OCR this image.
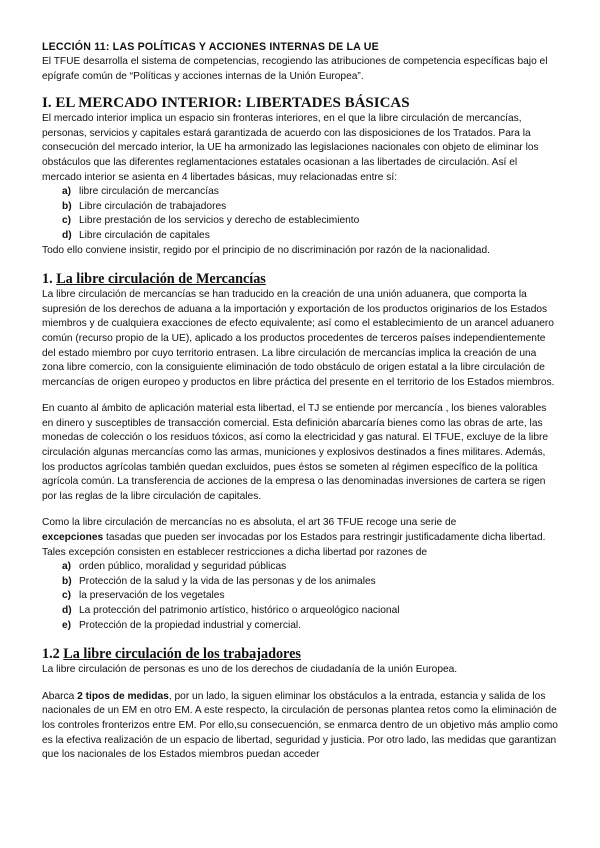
LECCIÓN 11: LAS POLÍTICAS Y ACCIONES INTERNAS DE LA UE

El TFUE desarrolla el sistema de competencias, recogiendo las atribuciones de competencia específicas bajo el epígrafe común de “Políticas y acciones internas de la Unión Europea”.

I. EL MERCADO INTERIOR: LIBERTADES BÁSICAS

El mercado interior implica un espacio sin fronteras interiores, en el que la libre circulación de mercancías, personas, servicios y capitales estará garantizada de acuerdo con las disposiciones de los Tratados. Para la consecución del mercado interior, la UE ha armonizado las legislaciones nacionales con objeto de eliminar los obstáculos que las diferentes reglamentaciones estatales ocasionan a las libertades de circulación. Así el mercado interior se asienta en 4 libertades básicas, muy relacionadas entre sí:

a) libre circulación de mercancías
b) Libre circulación de trabajadores
c) Libre prestación de los servicios y derecho de establecimiento
d) Libre circulación de capitales

Todo ello conviene insistir, regido por el principio de no discriminación por razón de la nacionalidad.

1. La libre circulación de Mercancías

La libre circulación de mercancías se han traducido en la creación de una unión aduanera, que comporta la supresión de los derechos de aduana a la importación y exportación de los productos originarios de los Estados miembros y de cualquiera exacciones de efecto equivalente; así como el establecimiento de un arancel aduanero común (recurso propio de la UE), aplicado a los productos procedentes de terceros países independientemente del estado miembro por cuyo territorio entrasen. La libre circulación de mercancías implica la creación de una zona libre comercio, con la consiguiente eliminación de todo obstáculo de origen estatal a la libre circulación de mercancías de origen europeo y productos en libre práctica del presente en el territorio de los Estados miembros.

En cuanto al ámbito de aplicación material esta libertad, el TJ se entiende por mercancía , los bienes valorables en dinero y susceptibles de transacción comercial. Esta definición abarcaría bienes como las obras de arte, las monedas de colección o los residuos tóxicos, así como la electricidad y gas natural. El TFUE, excluye de la libre circulación algunas mercancías como las armas, municiones y explosivos destinados a fines militares. Además, los productos agrícolas también quedan excluidos, pues éstos se someten al régimen específico de la política agrícola común. La transferencia de acciones de la empresa o las denominadas inversiones de cartera se rigen por las reglas de la libre circulación de capitales.

Como la libre circulación de mercancías no es absoluta, el art 36 TFUE recoge una serie de
excepciones tasadas que pueden ser invocadas por los Estados para restringir justificadamente dicha libertad. Tales excepción consisten en establecer restricciones a dicha libertad por razones de

a) orden público, moralidad y seguridad públicas
b) Protección de la salud y la vida de las personas y de los animales
c) la preservación de los vegetales
d) La protección del patrimonio artístico, histórico o arqueológico nacional
e) Protección de la propiedad industrial y comercial.

1.2 La libre circulación de los trabajadores

La libre circulación de personas es uno de los derechos de ciudadanía de la unión Europea.

Abarca 2 tipos de medidas, por un lado, la siguen eliminar los obstáculos a la entrada, estancia y salida de los nacionales de un EM en otro EM. A este respecto, la circulación de personas plantea retos como la eliminación de los controles fronterizos entre EM. Por ello,su consecuención, se enmarca dentro de un objetivo más amplio como es la efectiva realización de un espacio de libertad, seguridad y justicia. Por otro lado, las medidas que garantizan que los nacionales de los Estados miembros puedan acceder
